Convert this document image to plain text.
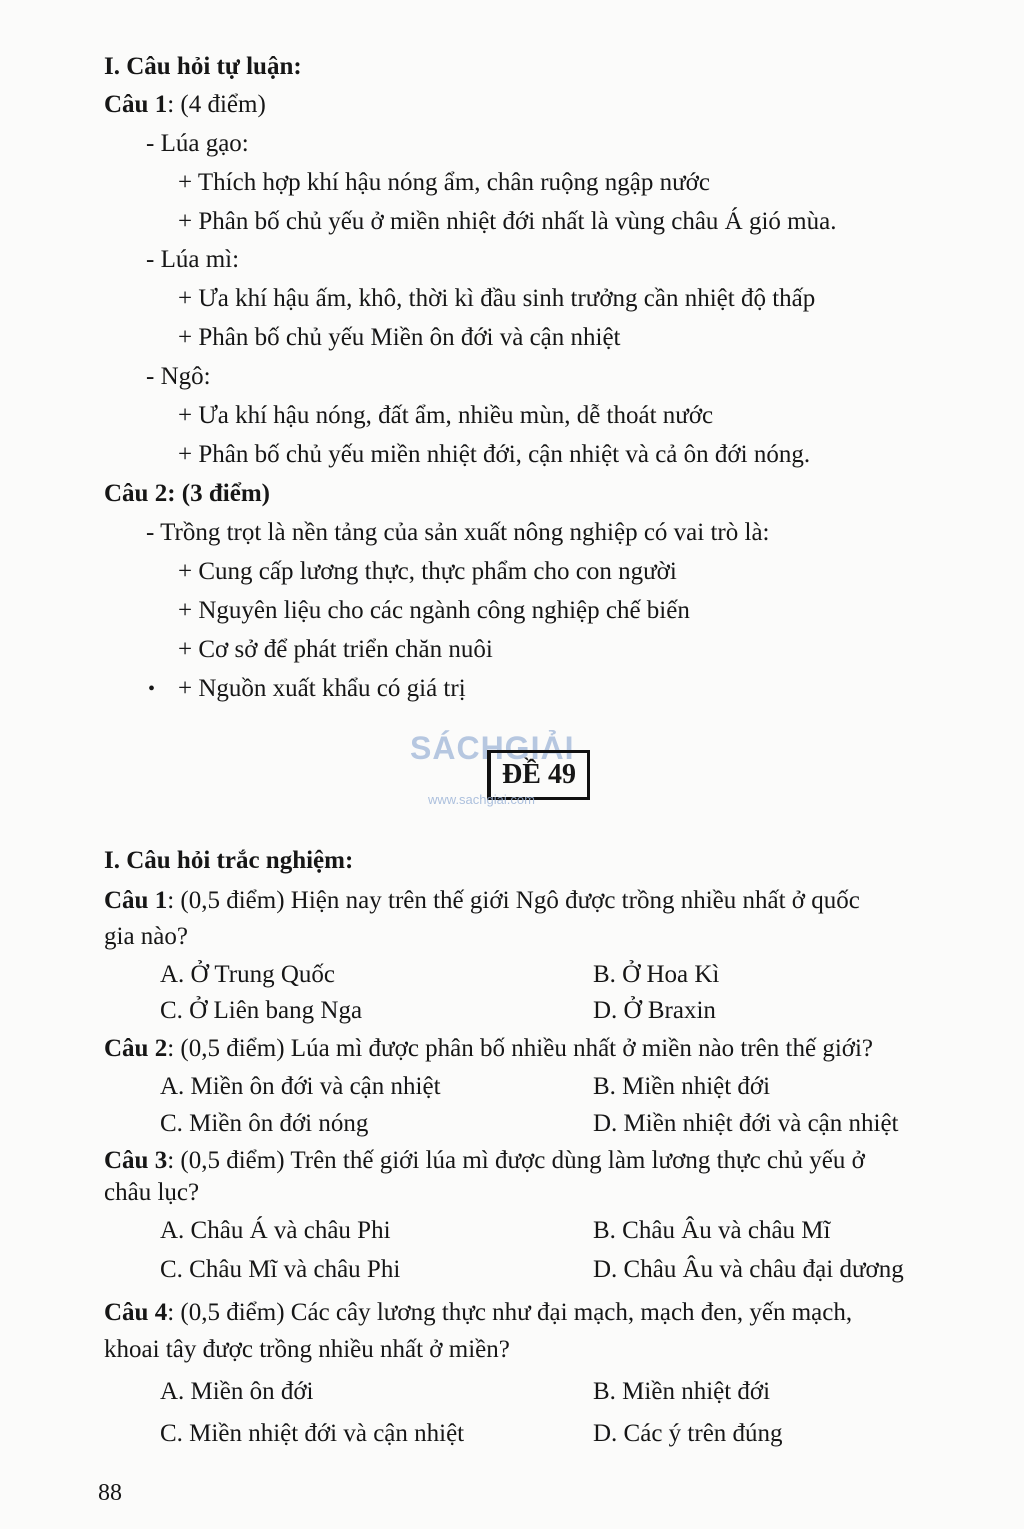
I. Câu hỏi tự luận:
Câu 1: (4 điểm)
- Lúa gạo:
+ Thích hợp khí hậu nóng ẩm, chân ruộng ngập nước
+ Phân bố chủ yếu ở miền nhiệt đới nhất là vùng châu Á gió mùa.
- Lúa mì:
+ Ưa khí hậu ấm, khô, thời kì đầu sinh trưởng cần nhiệt độ thấp
+ Phân bố chủ yếu Miền ôn đới và cận nhiệt
- Ngô:
+ Ưa khí hậu nóng, đất ẩm, nhiều mùn, dễ thoát nước
+ Phân bố chủ yếu miền nhiệt đới, cận nhiệt và cả ôn đới nóng.
Câu 2: (3 điểm)
- Trồng trọt là nền tảng của sản xuất nông nghiệp có vai trò là:
+ Cung cấp lương thực, thực phẩm cho con người
+ Nguyên liệu cho các ngành công nghiệp chế biến
+ Cơ sở để phát triển chăn nuôi
• + Nguồn xuất khẩu có giá trị
SÁCHGIẢI
ĐỀ 49
www.sachgiai.com
I. Câu hỏi trắc nghiệm:
Câu 1: (0,5 điểm) Hiện nay trên thế giới Ngô được trồng nhiều nhất ở quốc
gia nào?
A. Ở Trung Quốc	B. Ở Hoa Kì
C. Ở Liên bang Nga	D. Ở Braxin
Câu 2: (0,5 điểm) Lúa mì được phân bố nhiều nhất ở miền nào trên thế giới?
A. Miền ôn đới và cận nhiệt	B. Miền nhiệt đới
C. Miền ôn đới nóng	D. Miền nhiệt đới và cận nhiệt
Câu 3: (0,5 điểm) Trên thế giới lúa mì được dùng làm lương thực chủ yếu ở
châu lục?
A. Châu Á và châu Phi	B. Châu Âu và châu Mĩ
C. Châu Mĩ và châu Phi	D. Châu Âu và châu đại dương
Câu 4: (0,5 điểm) Các cây lương thực như đại mạch, mạch đen, yến mạch,
khoai tây được trồng nhiều nhất ở miền?
A. Miền ôn đới	B. Miền nhiệt đới
C. Miền nhiệt đới và cận nhiệt	D. Các ý trên đúng
88
